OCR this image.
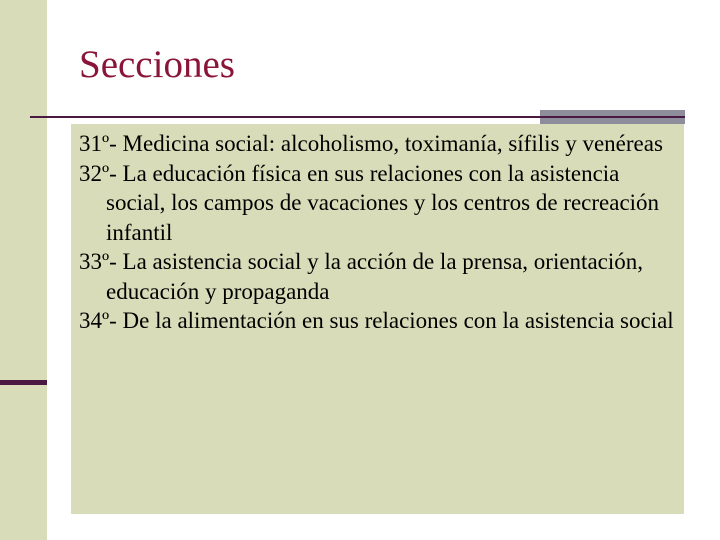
Secciones
31º- Medicina social: alcoholismo, toximanía, sífilis y venéreas
32º- La educación física en sus relaciones con la asistencia social, los campos de vacaciones y los centros de recreación infantil
33º- La asistencia social y la acción de la prensa, orientación, educación y propaganda
34º- De la alimentación en sus relaciones con la asistencia social
